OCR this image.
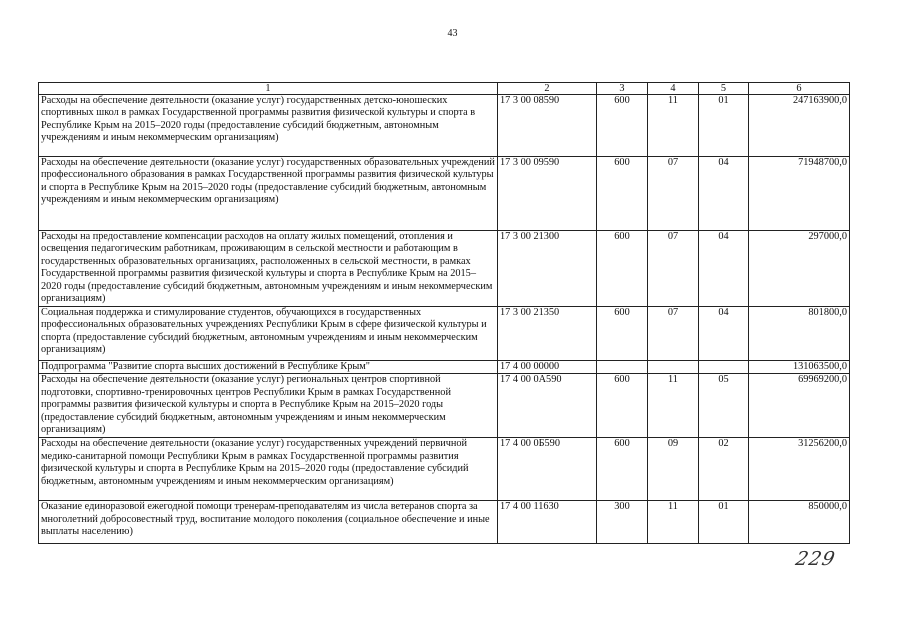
43
1	2	3	4	5	6
Расходы на обеспечение деятельности (оказание услуг) государственных детско-юношеских спортивных школ в рамках Государственной программы развития физической культуры и спорта в Республике Крым на 2015–2020 годы (предоставление субсидий бюджетным, автономным учреждениям и иным некоммерческим организациям)	17 3 00 08590	600	11	01	247163900,0
Расходы на обеспечение деятельности (оказание услуг) государственных образовательных учреждений профессионального образования в рамках Государственной программы развития физической культуры и спорта в Республике Крым на 2015–2020 годы (предоставление субсидий бюджетным, автономным учреждениям и иным некоммерческим организациям)	17 3 00 09590	600	07	04	71948700,0
Расходы на предоставление компенсации расходов на оплату жилых помещений, отопления и освещения педагогическим работникам, проживающим в сельской местности и работающим в государственных образовательных организациях, расположенных в сельской местности, в рамках Государственной программы развития физической культуры и спорта в Республике Крым на 2015–2020 годы (предоставление субсидий бюджетным, автономным учреждениям и иным некоммерческим организациям)	17 3 00 21300	600	07	04	297000,0
Социальная поддержка и стимулирование студентов, обучающихся в государственных профессиональных образовательных учреждениях Республики Крым в сфере физической культуры и спорта (предоставление субсидий бюджетным, автономным учреждениям и иным некоммерческим организациям)	17 3 00 21350	600	07	04	801800,0
Подпрограмма "Развитие спорта высших достижений в Республике Крым"	17 4 00 00000				131063500,0
Расходы на обеспечение деятельности (оказание услуг) региональных центров спортивной подготовки, спортивно-тренировочных центров Республики Крым в рамках Государственной программы развития физической культуры и спорта в Республике Крым на 2015–2020 годы (предоставление субсидий бюджетным, автономным учреждениям и иным некоммерческим организациям)	17 4 00 0А590	600	11	05	69969200,0
Расходы на обеспечение деятельности (оказание услуг) государственных учреждений первичной медико-санитарной помощи Республики Крым в рамках Государственной программы развития физической культуры и спорта в Республике Крым на 2015–2020 годы (предоставление субсидий бюджетным, автономным учреждениям и иным некоммерческим организациям)	17 4 00 0Б590	600	09	02	31256200,0
Оказание единоразовой ежегодной помощи тренерам-преподавателям из числа ветеранов спорта за многолетний добросовестный труд, воспитание молодого поколения (социальное обеспечение и иные выплаты населению)	17 4 00 11630	300	11	01	850000,0
229
